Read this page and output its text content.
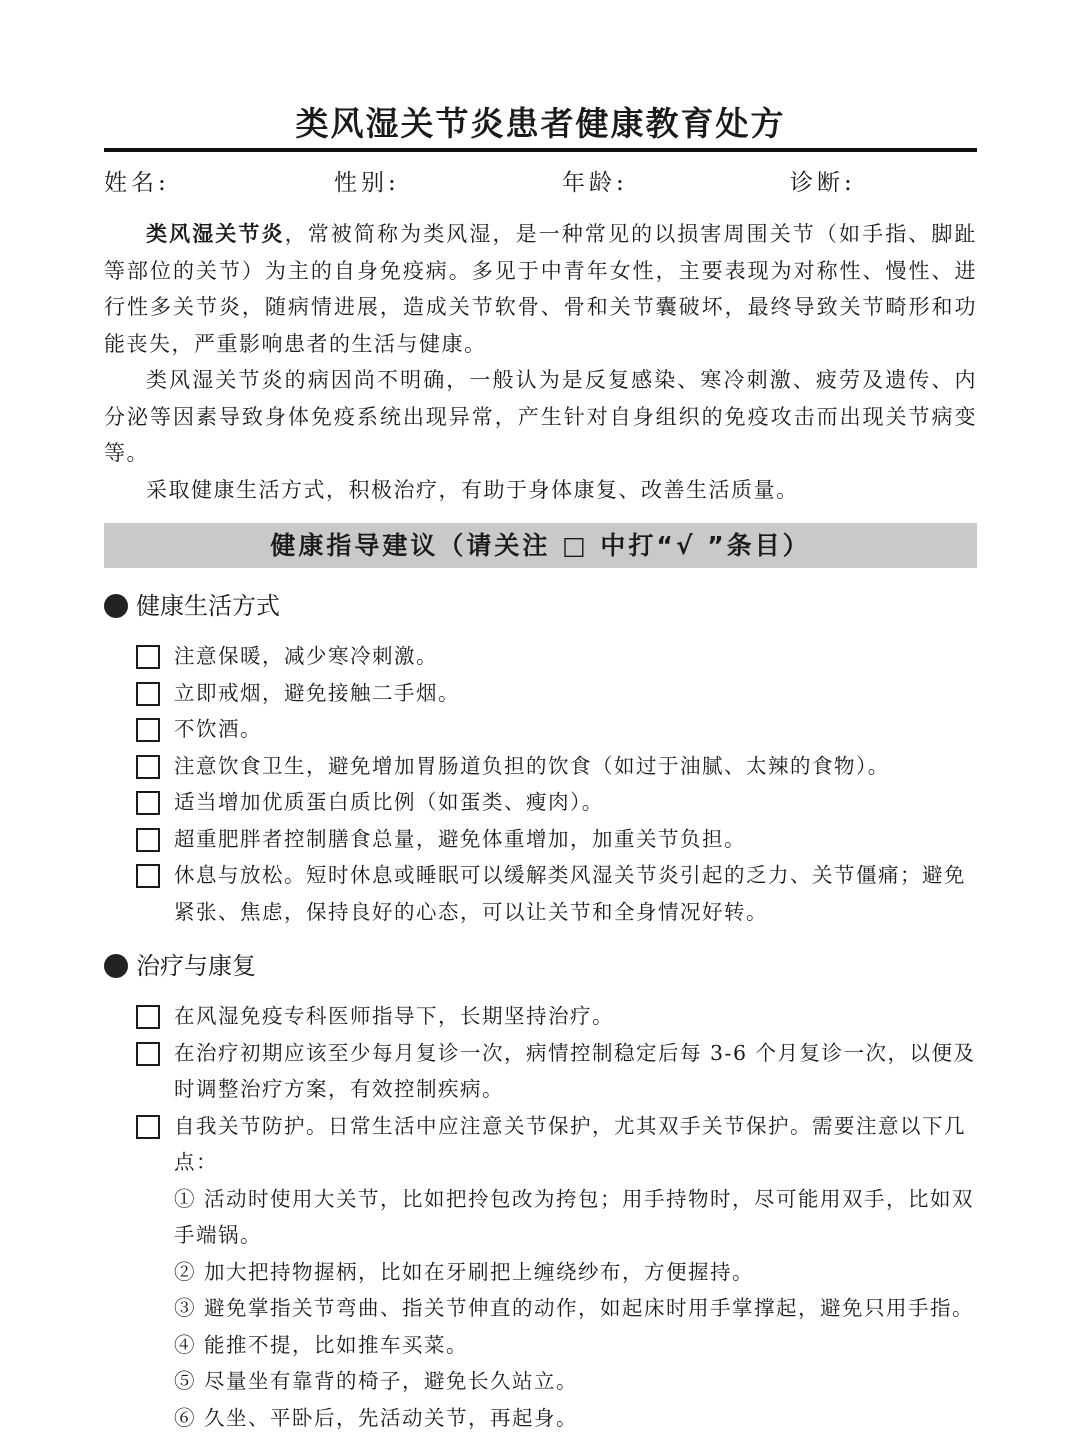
类风湿关节炎患者健康教育处方
姓名:	性别:	年龄:	诊断:

类风湿关节炎，常被简称为类风湿，是一种常见的以损害周围关节（如手指、脚趾等部位的关节）为主的自身免疫病。多见于中青年女性，主要表现为对称性、慢性、进行性多关节炎，随病情进展，造成关节软骨、骨和关节囊破坏，最终导致关节畸形和功能丧失，严重影响患者的生活与健康。

类风湿关节炎的病因尚不明确，一般认为是反复感染、寒冷刺激、疲劳及遗传、内分泌等因素导致身体免疫系统出现异常，产生针对自身组织的免疫攻击而出现关节病变等。

采取健康生活方式，积极治疗，有助于身体康复、改善生活质量。

健康指导建议（请关注 □ 中打“√ ”条目）
健康生活方式
注意保暖，减少寒冷刺激。
立即戒烟，避免接触二手烟。
不饮酒。
注意饮食卫生，避免增加胃肠道负担的饮食（如过于油腻、太辣的食物）。
适当增加优质蛋白质比例（如蛋类、瘦肉）。
超重肥胖者控制膳食总量，避免体重增加，加重关节负担。
休息与放松。短时休息或睡眠可以缓解类风湿关节炎引起的乏力、关节僵痛；避免紧张、焦虑，保持良好的心态，可以让关节和全身情况好转。
治疗与康复
在风湿免疫专科医师指导下，长期坚持治疗。
在治疗初期应该至少每月复诊一次，病情控制稳定后每 3-6 个月复诊一次，以便及时调整治疗方案，有效控制疾病。
自我关节防护。日常生活中应注意关节保护，尤其双手关节保护。需要注意以下几点：
① 活动时使用大关节，比如把拎包改为挎包；用手持物时，尽可能用双手，比如双手端锅。
② 加大把持物握柄，比如在牙刷把上缠绕纱布，方便握持。
③ 避免掌指关节弯曲、指关节伸直的动作，如起床时用手掌撑起，避免只用手指。
④ 能推不提，比如推车买菜。
⑤ 尽量坐有靠背的椅子，避免长久站立。
⑥ 久坐、平卧后，先活动关节，再起身。
